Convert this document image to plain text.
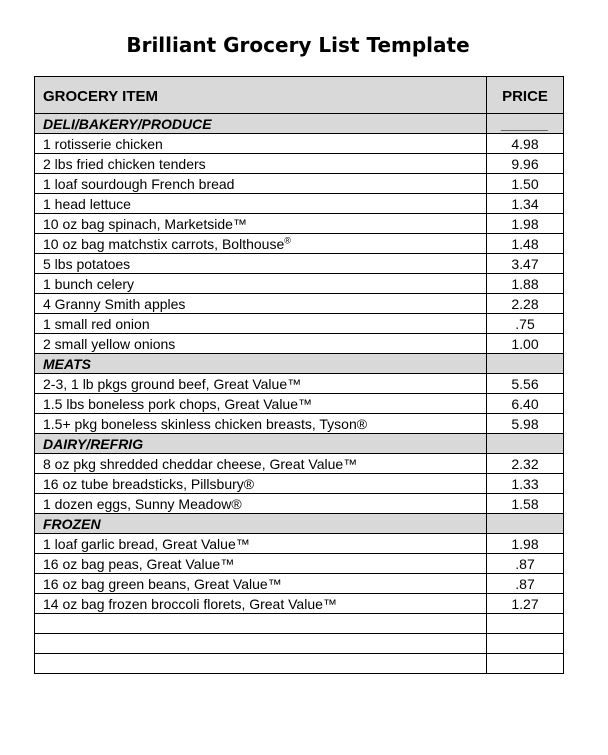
Brilliant Grocery List Template
GROCERY ITEM	PRICE
DELI/BAKERY/PRODUCE	______
1 rotisserie chicken	4.98
2 lbs fried chicken tenders	9.96
1 loaf sourdough French bread	1.50
1 head lettuce	1.34
10 oz bag spinach, Marketside™	1.98
10 oz bag matchstix carrots, Bolthouse®	1.48
5 lbs potatoes	3.47
1 bunch celery	1.88
4 Granny Smith apples	2.28
1 small red onion	.75
2 small yellow onions	1.00
MEATS	
2-3, 1 lb pkgs ground beef, Great Value™	5.56
1.5 lbs boneless pork chops, Great Value™	6.40
1.5+ pkg boneless skinless chicken breasts, Tyson®	5.98
DAIRY/REFRIG	
8 oz pkg shredded cheddar cheese, Great Value™	2.32
16 oz tube breadsticks, Pillsbury®	1.33
1 dozen eggs, Sunny Meadow®	1.58
FROZEN	
1 loaf garlic bread, Great Value™	1.98
16 oz bag peas, Great Value™	.87
16 oz bag green beans, Great Value™	.87
14 oz bag frozen broccoli florets, Great Value™	1.27
